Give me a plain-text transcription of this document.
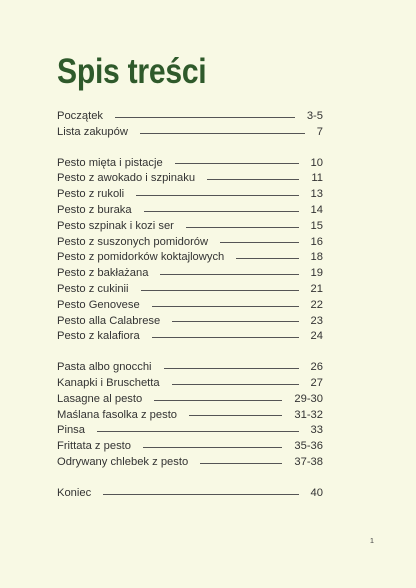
Spis treści
Początek	3-5
Lista zakupów	7
Pesto mięta i pistacje	10
Pesto z awokado i szpinaku	11
Pesto z rukoli	13
Pesto z buraka	14
Pesto szpinak i kozi ser	15
Pesto z suszonych pomidorów	16
Pesto z pomidorków koktajlowych	18
Pesto z bakłażana	19
Pesto z cukinii	21
Pesto Genovese	22
Pesto alla Calabrese	23
Pesto z kalafiora	24
Pasta albo gnocchi	26
Kanapki i Bruschetta	27
Lasagne al pesto	29-30
Maślana fasolka z pesto	31-32
Pinsa	33
Frittata z pesto	35-36
Odrywany chlebek z pesto	37-38
Koniec	40
1
